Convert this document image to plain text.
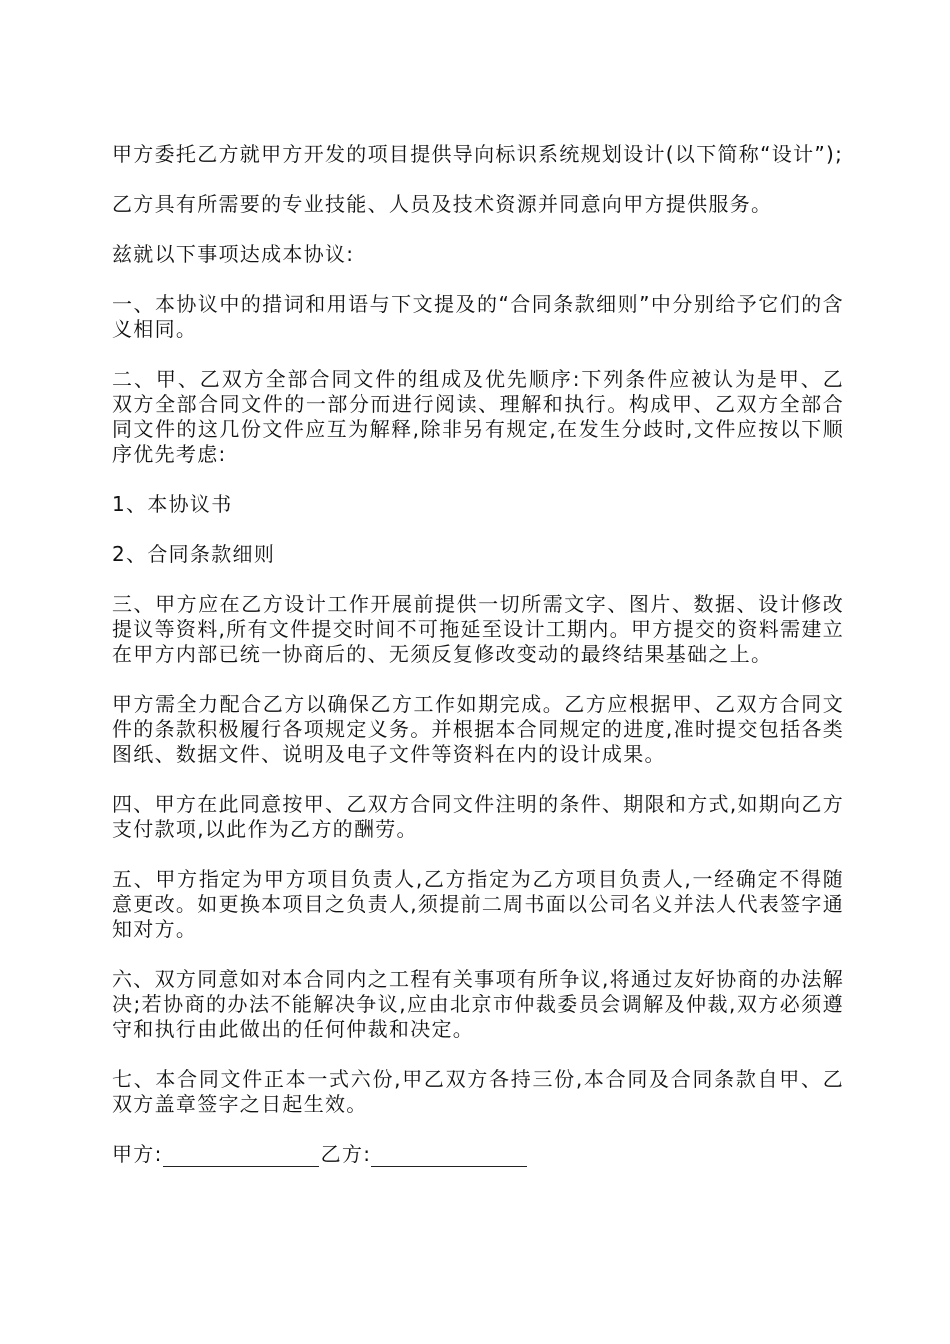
甲方委托乙方就甲方开发的项目提供导向标识系统规划设计(以下简称“设计”);

乙方具有所需要的专业技能、人员及技术资源并同意向甲方提供服务。

兹就以下事项达成本协议:

一、本协议中的措词和用语与下文提及的“合同条款细则”中分别给予它们的含义相同。

二、甲、乙双方全部合同文件的组成及优先顺序:下列条件应被认为是甲、乙双方全部合同文件的一部分而进行阅读、理解和执行。构成甲、乙双方全部合同文件的这几份文件应互为解释,除非另有规定,在发生分歧时,文件应按以下顺序优先考虑:

1、本协议书

2、合同条款细则

三、甲方应在乙方设计工作开展前提供一切所需文字、图片、数据、设计修改提议等资料,所有文件提交时间不可拖延至设计工期内。甲方提交的资料需建立在甲方内部已统一协商后的、无须反复修改变动的最终结果基础之上。

甲方需全力配合乙方以确保乙方工作如期完成。乙方应根据甲、乙双方合同文件的条款积极履行各项规定义务。并根据本合同规定的进度,准时提交包括各类图纸、数据文件、说明及电子文件等资料在内的设计成果。

四、甲方在此同意按甲、乙双方合同文件注明的条件、期限和方式,如期向乙方支付款项,以此作为乙方的酬劳。

五、甲方指定为甲方项目负责人,乙方指定为乙方项目负责人,一经确定不得随意更改。如更换本项目之负责人,须提前二周书面以公司名义并法人代表签字通知对方。

六、双方同意如对本合同内之工程有关事项有所争议,将通过友好协商的办法解决;若协商的办法不能解决争议,应由北京市仲裁委员会调解及仲裁,双方必须遵守和执行由此做出的任何仲裁和决定。

七、本合同文件正本一式六份,甲乙双方各持三份,本合同及合同条款自甲、乙双方盖章签字之日起生效。

甲方:	乙方:
